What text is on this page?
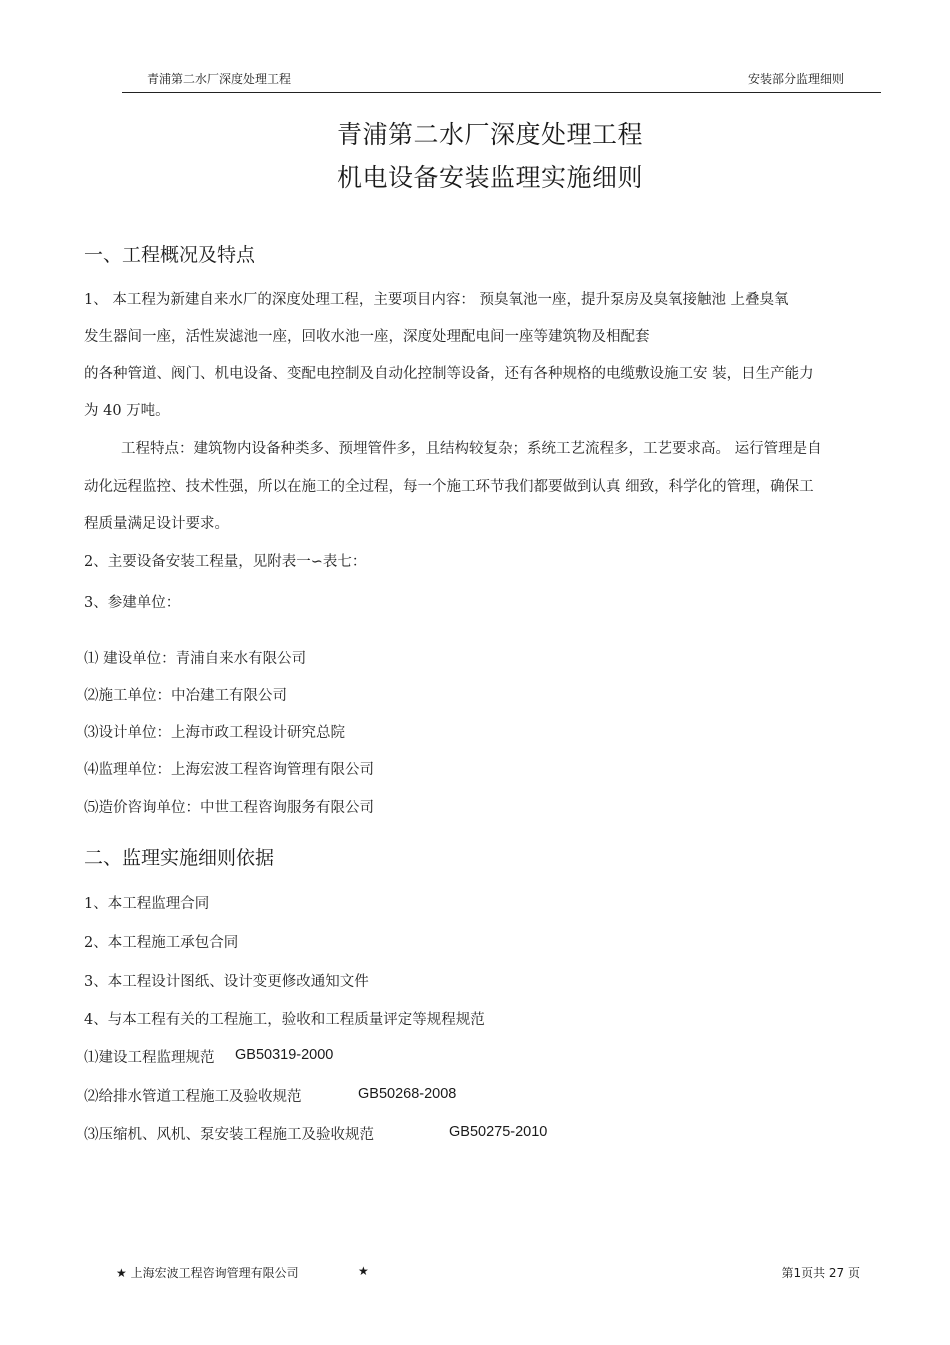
青浦第二水厂深度处理工程	安装部分监理细则
青浦第二水厂深度处理工程
机电设备安装监理实施细则
一、工程概况及特点
1、 本工程为新建自来水厂的深度处理工程，主要项目内容： 预臭氧池一座，提升泵房及臭氧接触池 上叠臭氧
发生器间一座，活性炭滤池一座，回收水池一座，深度处理配电间一座等建筑物及相配套
的各种管道、阀门、机电设备、变配电控制及自动化控制等设备，还有各种规格的电缆敷设施工安 装，日生产能力
为 40 万吨。
工程特点：建筑物内设备种类多、预埋管件多，且结构较复杂；系统工艺流程多，工艺要求高。 运行管理是自
动化远程监控、技术性强，所以在施工的全过程，每一个施工环节我们都要做到认真 细致，科学化的管理，确保工
程质量满足设计要求。
2、主要设备安装工程量，见附表一∽表七：
3、参建单位：
⑴ 建设单位：青浦自来水有限公司
⑵施工单位：中冶建工有限公司
⑶设计单位：上海市政工程设计研究总院
⑷监理单位：上海宏波工程咨询管理有限公司
⑸造价咨询单位：中世工程咨询服务有限公司
二、监理实施细则依据
1、本工程监理合同
2、本工程施工承包合同
3、本工程设计图纸、设计变更修改通知文件
4、与本工程有关的工程施工，验收和工程质量评定等规程规范
⑴建设工程监理规范 GB50319-2000
⑵给排水管道工程施工及验收规范	GB50268-2008
⑶压缩机、风机、泵安装工程施工及验收规范	GB50275-2010
★ 上海宏波工程咨询管理有限公司	★	第1页共 27 页
